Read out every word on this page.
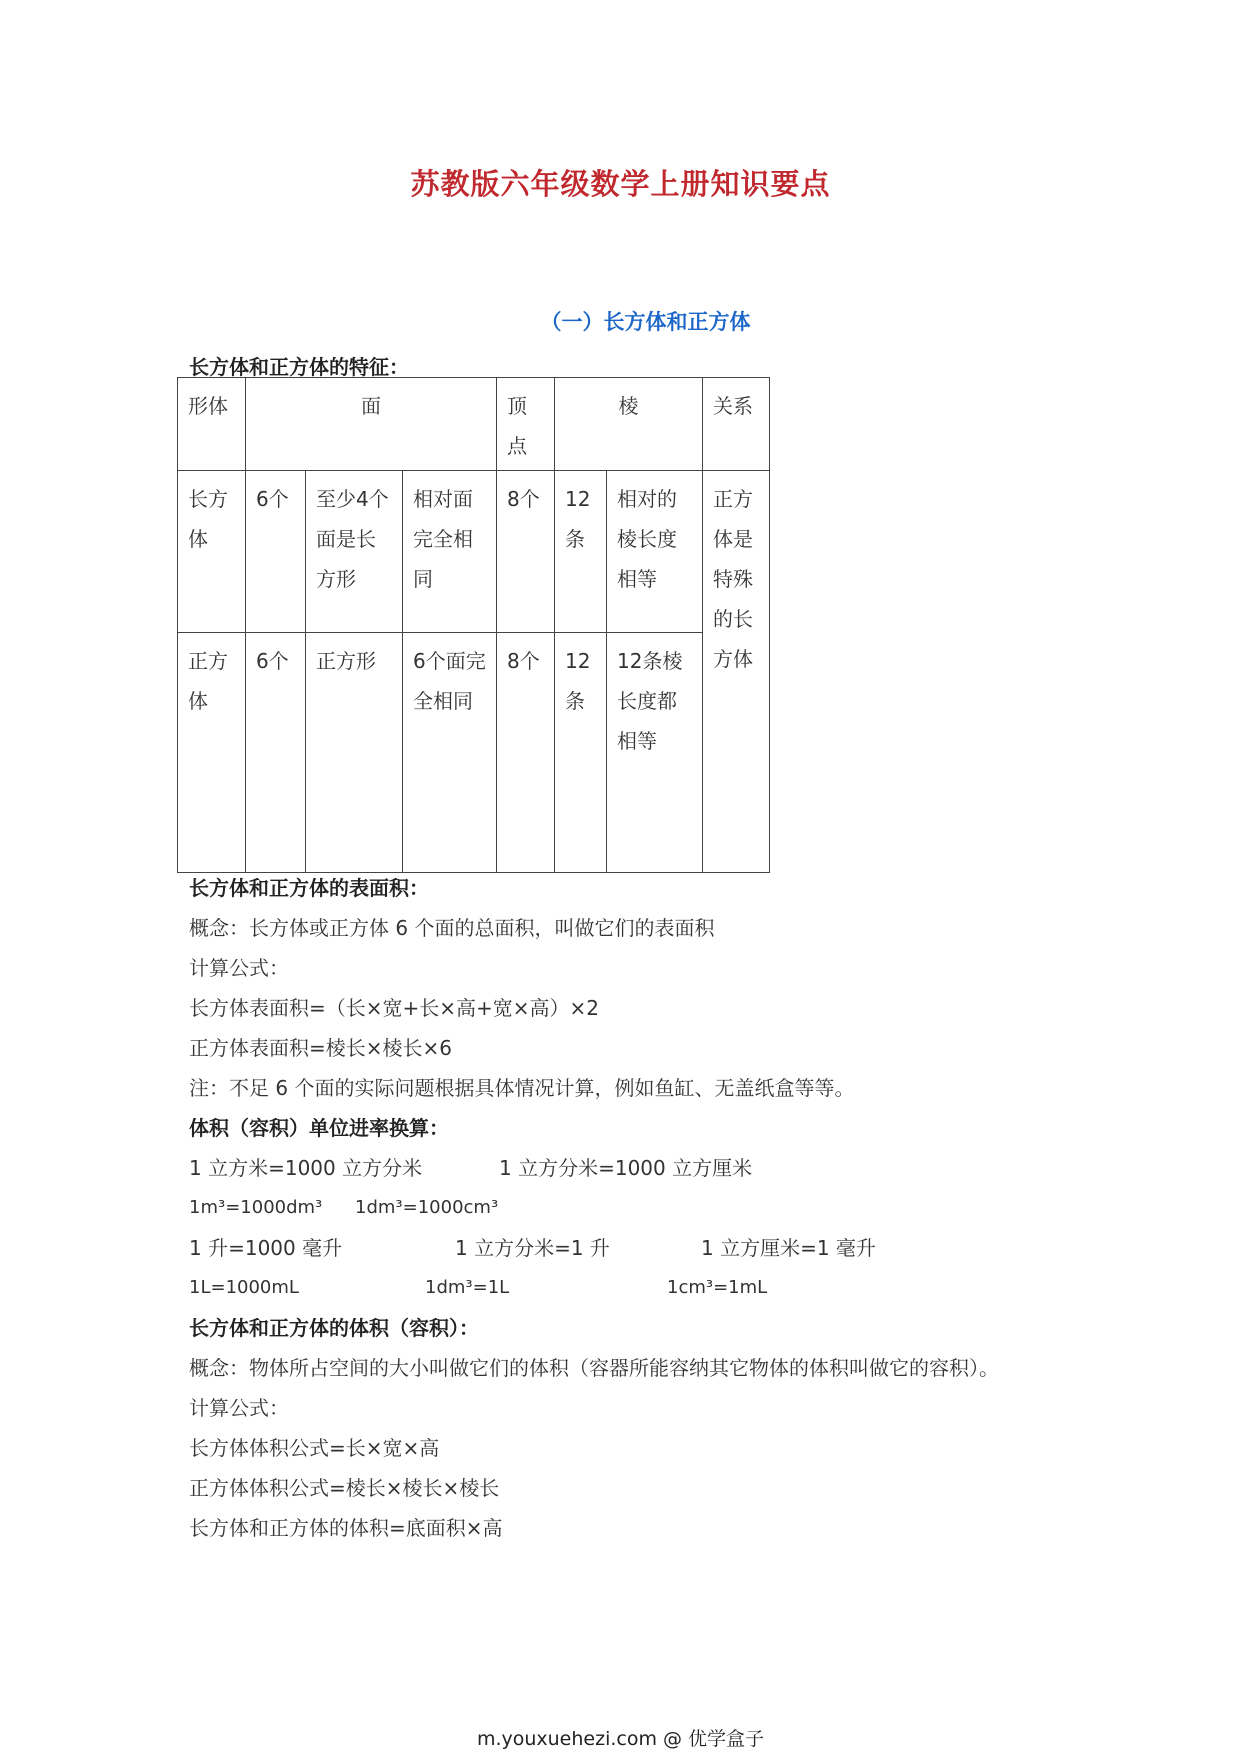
苏教版六年级数学上册知识要点
（一）长方体和正方体
长方体和正方体的特征：
形体	面			顶点	棱		关系

长方体	6个	至少4个面是长方形	相对面完全相同	8个	12条	相对的棱长度相等	正方体是特殊的长方体

正方体	6个	正方形	6个面完全相同	8个	12条	12条棱长度都相等	
长方体和正方体的表面积：
概念：长方体或正方体 6 个面的总面积，叫做它们的表面积
计算公式：
长方体表面积=（长×宽+长×高+宽×高）×2
正方体表面积=棱长×棱长×6
注：不足 6 个面的实际问题根据具体情况计算，例如鱼缸、无盖纸盒等等。
体积（容积）单位进率换算：
1 立方米=1000 立方分米	1 立方分米=1000 立方厘米
1m³=1000dm³ 1dm³=1000cm³
1 升=1000 毫升	1 立方分米=1 升	1 立方厘米=1 毫升
1L=1000mL	1dm³=1L	1cm³=1mL
长方体和正方体的体积（容积）：
概念：物体所占空间的大小叫做它们的体积（容器所能容纳其它物体的体积叫做它的容积）。
计算公式：
长方体体积公式=长×宽×高
正方体体积公式=棱长×棱长×棱长
长方体和正方体的体积=底面积×高
m.youxuehezi.com @ 优学盒子
